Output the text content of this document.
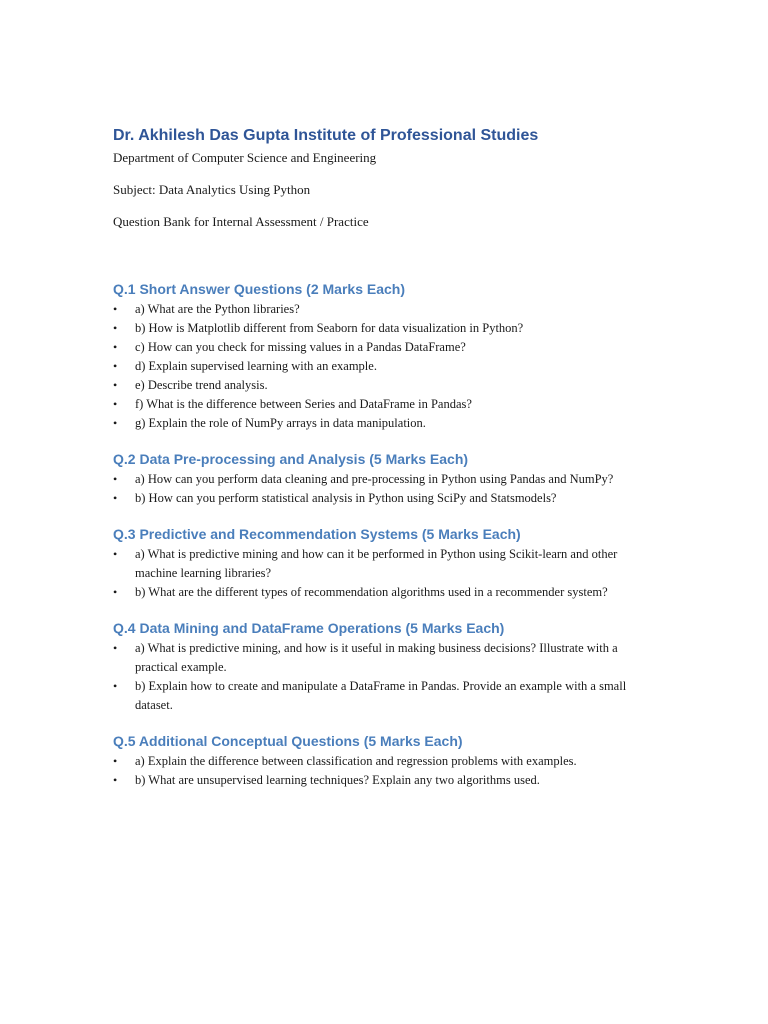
Dr. Akhilesh Das Gupta Institute of Professional Studies

Department of Computer Science and Engineering

Subject: Data Analytics Using Python

Question Bank for Internal Assessment / Practice

Q.1 Short Answer Questions (2 Marks Each)
• a) What are the Python libraries?
• b) How is Matplotlib different from Seaborn for data visualization in Python?
• c) How can you check for missing values in a Pandas DataFrame?
• d) Explain supervised learning with an example.
• e) Describe trend analysis.
• f) What is the difference between Series and DataFrame in Pandas?
• g) Explain the role of NumPy arrays in data manipulation.
Q.2 Data Pre-processing and Analysis (5 Marks Each)
• a) How can you perform data cleaning and pre-processing in Python using Pandas and NumPy?
• b) How can you perform statistical analysis in Python using SciPy and Statsmodels?
Q.3 Predictive and Recommendation Systems (5 Marks Each)
• a) What is predictive mining and how can it be performed in Python using Scikit-learn and other machine learning libraries?
• b) What are the different types of recommendation algorithms used in a recommender system?
Q.4 Data Mining and DataFrame Operations (5 Marks Each)
• a) What is predictive mining, and how is it useful in making business decisions? Illustrate with a practical example.
• b) Explain how to create and manipulate a DataFrame in Pandas. Provide an example with a small dataset.
Q.5 Additional Conceptual Questions (5 Marks Each)
• a) Explain the difference between classification and regression problems with examples.
• b) What are unsupervised learning techniques? Explain any two algorithms used.
